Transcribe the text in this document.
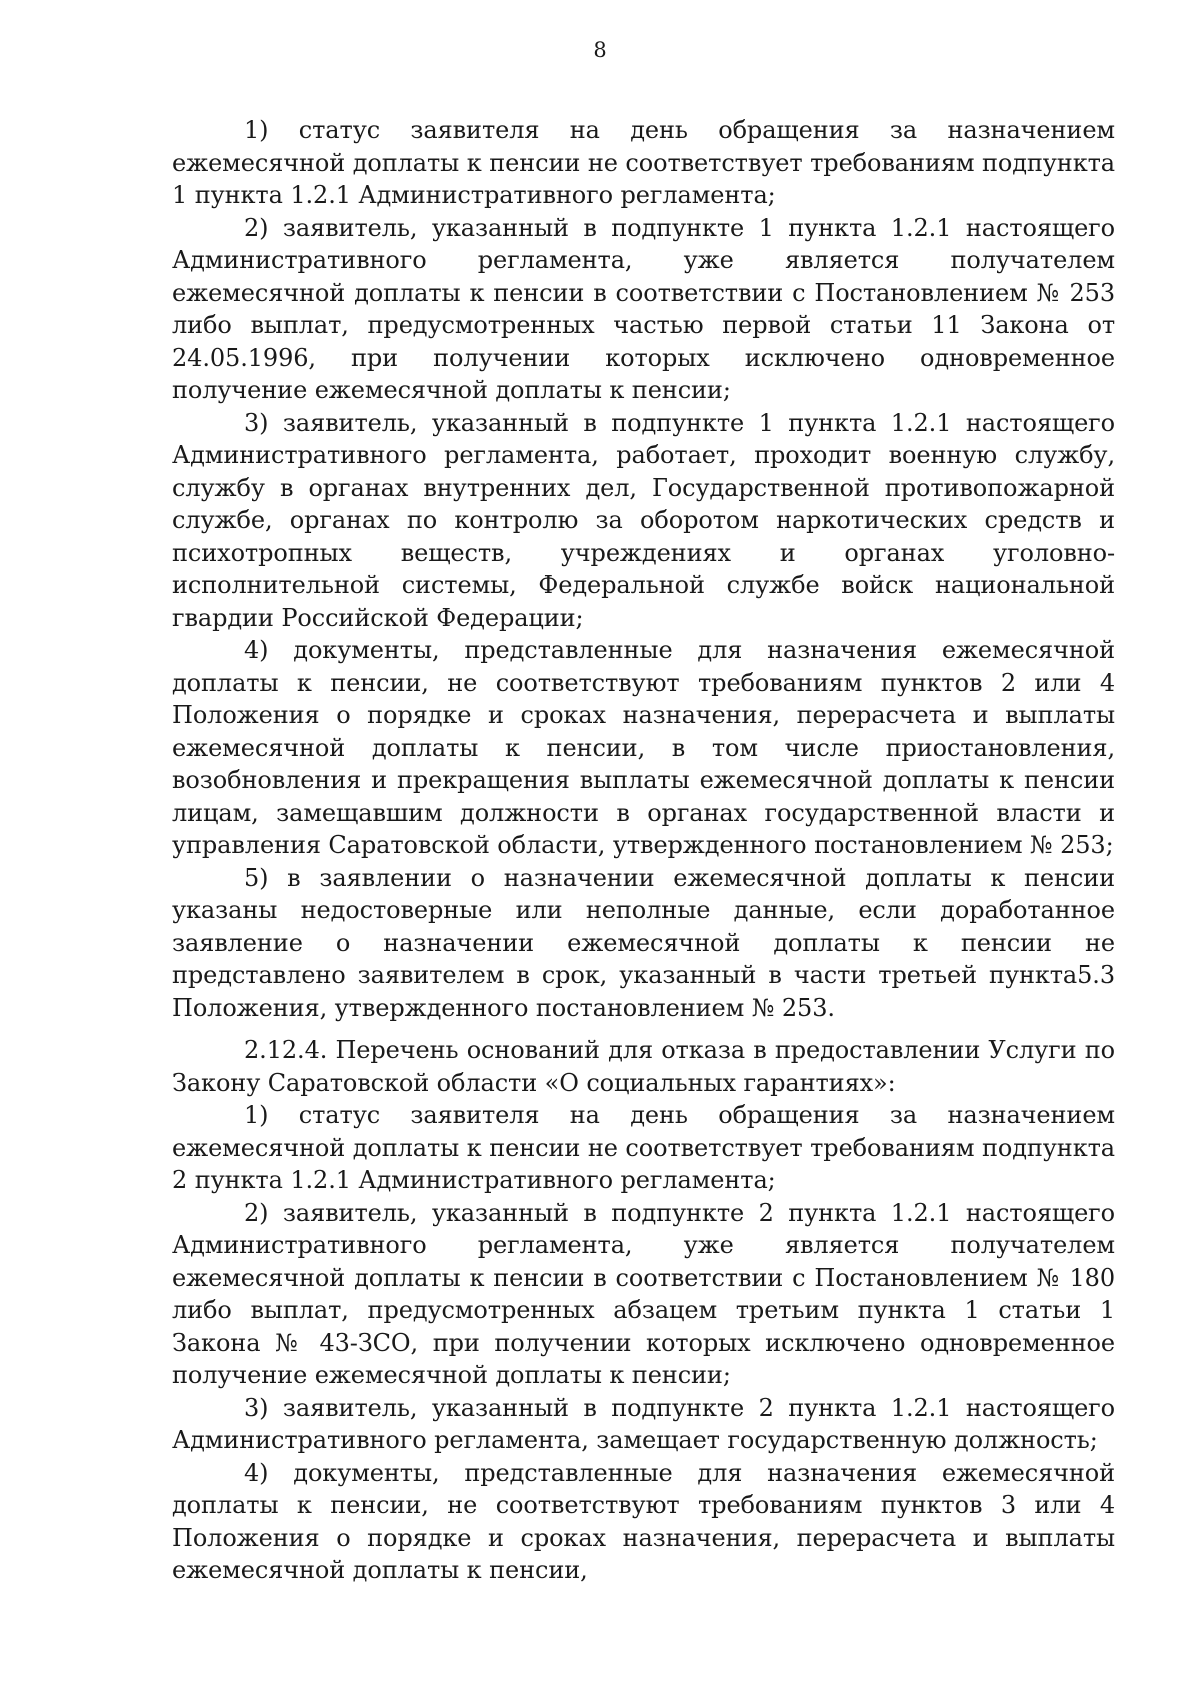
8

1) статус заявителя на день обращения за назначением ежемесячной доплаты к пенсии не соответствует требованиям подпункта 1 пункта 1.2.1 Административного регламента;

2) заявитель, указанный в подпункте 1 пункта 1.2.1 настоящего Административного регламента, уже является получателем ежемесячной доплаты к пенсии в соответствии с Постановлением № 253 либо выплат, предусмотренных частью первой статьи 11 Закона от 24.05.1996, при получении которых исключено одновременное получение ежемесячной доплаты к пенсии;

3) заявитель, указанный в подпункте 1 пункта 1.2.1 настоящего Административного регламента, работает, проходит военную службу, службу в органах внутренних дел, Государственной противопожарной службе, органах по контролю за оборотом наркотических средств и психотропных веществ, учреждениях и органах уголовно-исполнительной системы, Федеральной службе войск национальной гвардии Российской Федерации;

4) документы, представленные для назначения ежемесячной доплаты к пенсии, не соответствуют требованиям пунктов 2 или 4 Положения о порядке и сроках назначения, перерасчета и выплаты ежемесячной доплаты к пенсии, в том числе приостановления, возобновления и прекращения выплаты ежемесячной доплаты к пенсии лицам, замещавшим должности в органах государственной власти и управления Саратовской области, утвержденного постановлением № 253;

5) в заявлении о назначении ежемесячной доплаты к пенсии указаны недостоверные или неполные данные, если доработанное заявление о назначении ежемесячной доплаты к пенсии не представлено заявителем в срок, указанный в части третьей пункта5.3 Положения, утвержденного постановлением № 253.

2.12.4. Перечень оснований для отказа в предоставлении Услуги по Закону Саратовской области «О социальных гарантиях»:

1) статус заявителя на день обращения за назначением ежемесячной доплаты к пенсии не соответствует требованиям подпункта 2 пункта 1.2.1 Административного регламента;

2) заявитель, указанный в подпункте 2 пункта 1.2.1 настоящего Административного регламента, уже является получателем ежемесячной доплаты к пенсии в соответствии с Постановлением № 180 либо выплат, предусмотренных абзацем третьим пункта 1 статьи 1 Закона № 43-ЗСО, при получении которых исключено одновременное получение ежемесячной доплаты к пенсии;

3) заявитель, указанный в подпункте 2 пункта 1.2.1 настоящего Административного регламента, замещает государственную должность;

4) документы, представленные для назначения ежемесячной доплаты к пенсии, не соответствуют требованиям пунктов 3 или 4 Положения о порядке и сроках назначения, перерасчета и выплаты ежемесячной доплаты к пенсии,
